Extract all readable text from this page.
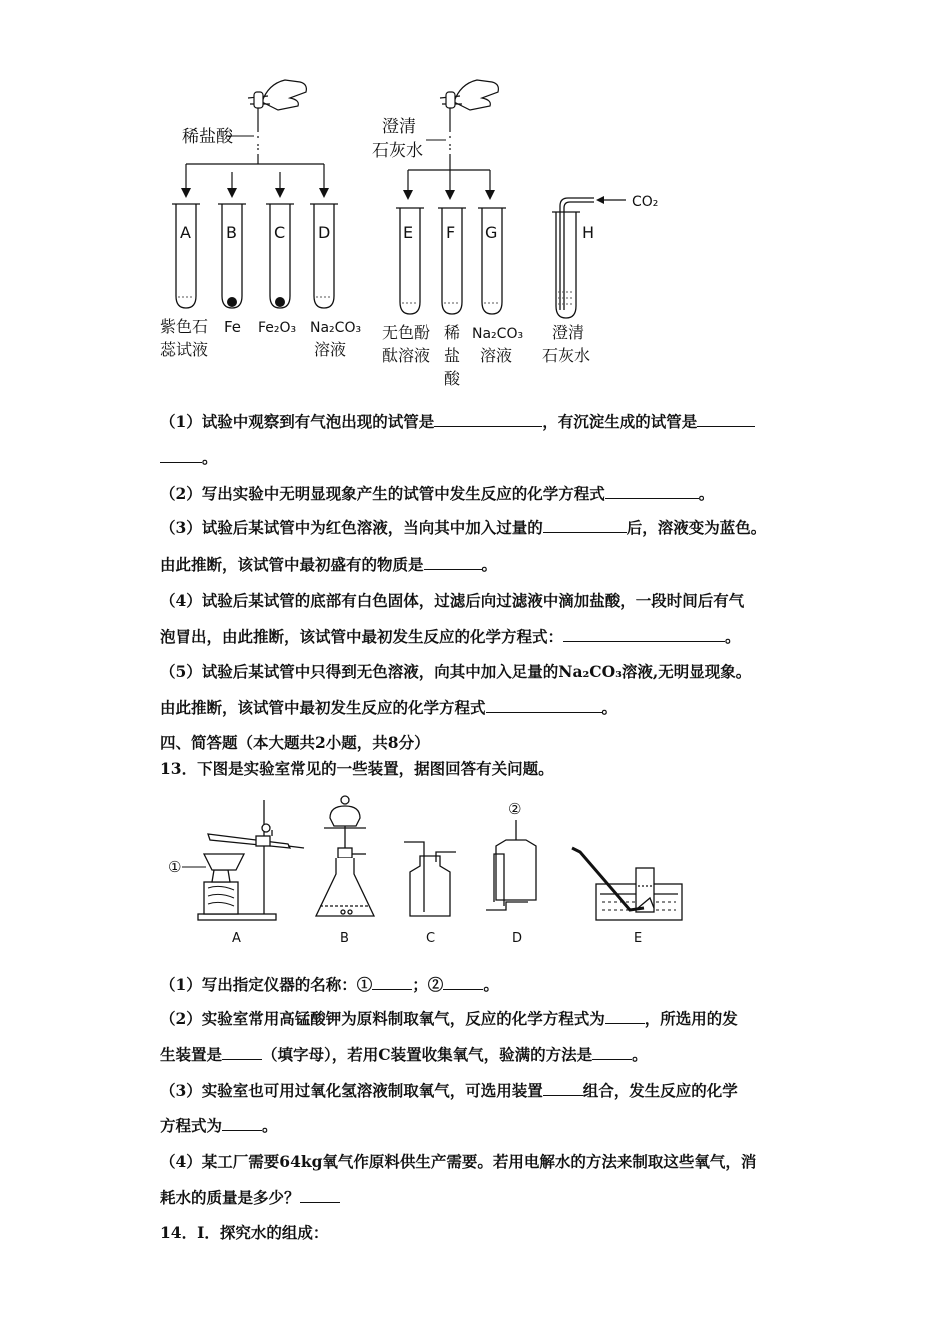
稀盐酸
A B C D
紫色石
蕊试液
Fe Fe₂O₃ Na₂CO₃
溶液
澄清
石灰水
E F G
无色酚
酞溶液
稀
盐
酸
Na₂CO₃
溶液
CO₂
H
澄清
石灰水
（1）试验中观察到有气泡出现的试管是	，有沉淀生成的试管是
。
（2）写出实验中无明显现象产生的试管中发生反应的化学方程式	。
（3）试验后某试管中为红色溶液，当向其中加入过量的	后，溶液变为蓝色。
由此推断，该试管中最初盛有的物质是	。
（4）试验后某试管的底部有白色固体，过滤后向过滤液中滴加盐酸，一段时间后有气
泡冒出，由此推断，该试管中最初发生反应的化学方程式：	。
（5）试验后某试管中只得到无色溶液，向其中加入足量的Na₂CO₃溶液,无明显现象。
由此推断，该试管中最初发生反应的化学方程式	。
四、简答题（本大题共2小题，共8分）
13．下图是实验室常见的一些装置，据图回答有关问题。
①
A	B	C
②
D	E
（1）写出指定仪器的名称：①	；②	。
（2）实验室常用高锰酸钾为原料制取氧气，反应的化学方程式为	，所选用的发
生装置是	（填字母），若用C装置收集氧气，验满的方法是	。
（3）实验室也可用过氧化氢溶液制取氧气，可选用装置	组合，发生反应的化学
方程式为	。
（4）某工厂需要64kg氧气作原料供生产需要。若用电解水的方法来制取这些氧气，消
耗水的质量是多少？
14．I．探究水的组成：
